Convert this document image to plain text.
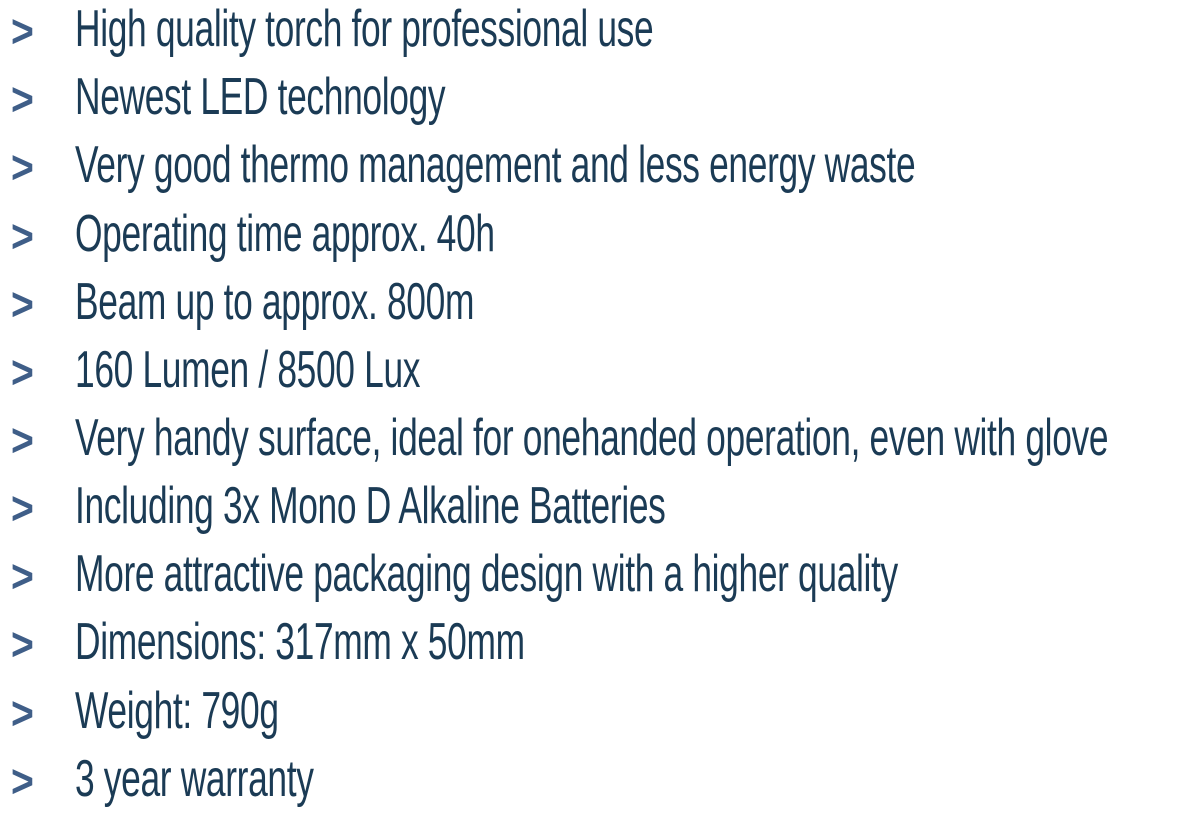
> High quality torch for professional use
> Newest LED technology
> Very good thermo management and less energy waste
> Operating time approx. 40h
> Beam up to approx. 800m
> 160 Lumen / 8500 Lux
> Very handy surface, ideal for onehanded operation, even with glove
> Including 3x Mono D Alkaline Batteries
> More attractive packaging design with a higher quality
> Dimensions: 317mm x 50mm
> Weight: 790g
> 3 year warranty
